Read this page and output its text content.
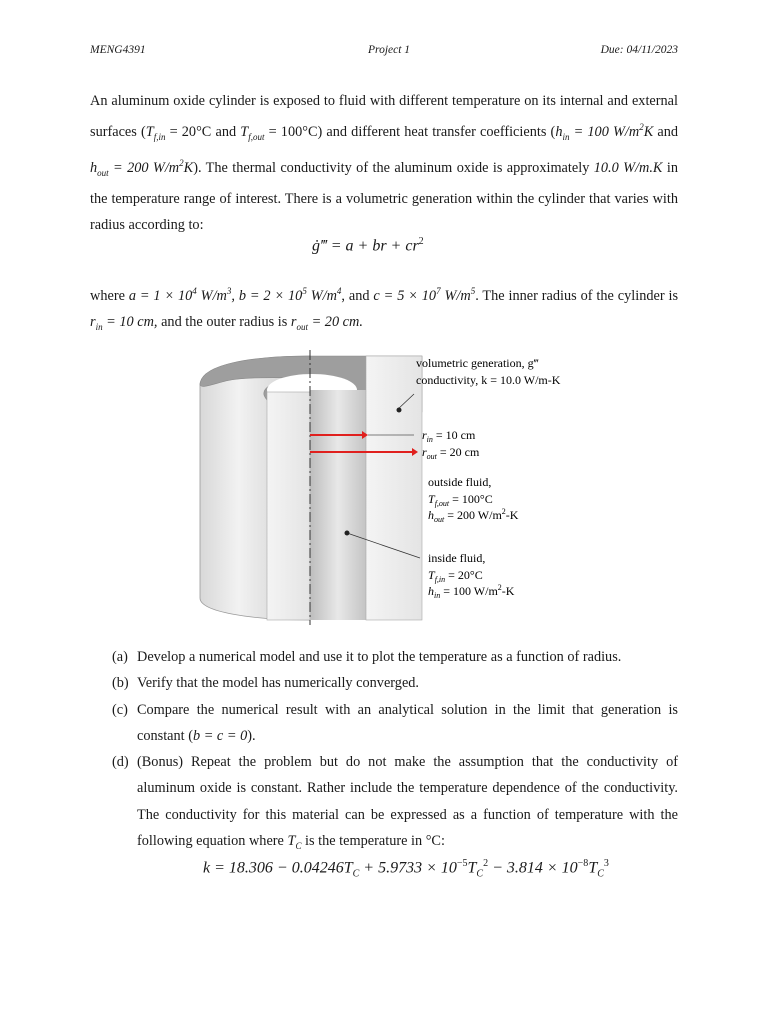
MENG4391	Project 1	Due: 04/11/2023
An aluminum oxide cylinder is exposed to fluid with different temperature on its internal and external surfaces ($T_{f,in} = 20^\circ C$ and $T_{f,out} = 100^\circ C$) and different heat transfer coefficients ($h_{in} = 100$ $W/m^2K$ and $h_{out} = 200$ $W/m^2K$). The thermal conductivity of the aluminum oxide is approximately 10.0 W/m.K in the temperature range of interest. There is a volumetric generation within the cylinder that varies with radius according to:
ġ‴ = a + br + $cr^2$
where $a = 1 \times 10^4$ $W/m^3$, $b = 2 \times 10^5$ $W/m^4$, and $c = 5 \times 10^7$ $W/m^5$. The inner radius of the cylinder is $r_{in} = 10$ cm, and the outer radius is $r_{out} = 20$ cm.
volumetric generation, g‴
conductivity, k = 10.0 W/m-K
$r_{in} = 10$ cm
$r_{out} = 20$ cm
outside fluid,
$T_{f,out} = 100^\circ C$
$h_{out} = 200$ $W/m^2-K$
inside fluid,
$T_{f,in} = 20^\circ C$
$h_{in} = 100$ $W/m^2-K$
(a) Develop a numerical model and use it to plot the temperature as a function of radius.
(b) Verify that the model has numerically converged.
(c) Compare the numerical result with an analytical solution in the limit that generation is constant (b = c = 0).
(d) (Bonus) Repeat the problem but do not make the assumption that the conductivity of aluminum oxide is constant. Rather include the temperature dependence of the conductivity. The conductivity for this material can be expressed as a function of temperature with the following equation where $T_C$ is the temperature in °C:
$k = 18.306 - 0.04246T_C + 5.9733 \times 10^{-5}T_C^2 - 3.814 \times 10^{-8}T_C^3$
